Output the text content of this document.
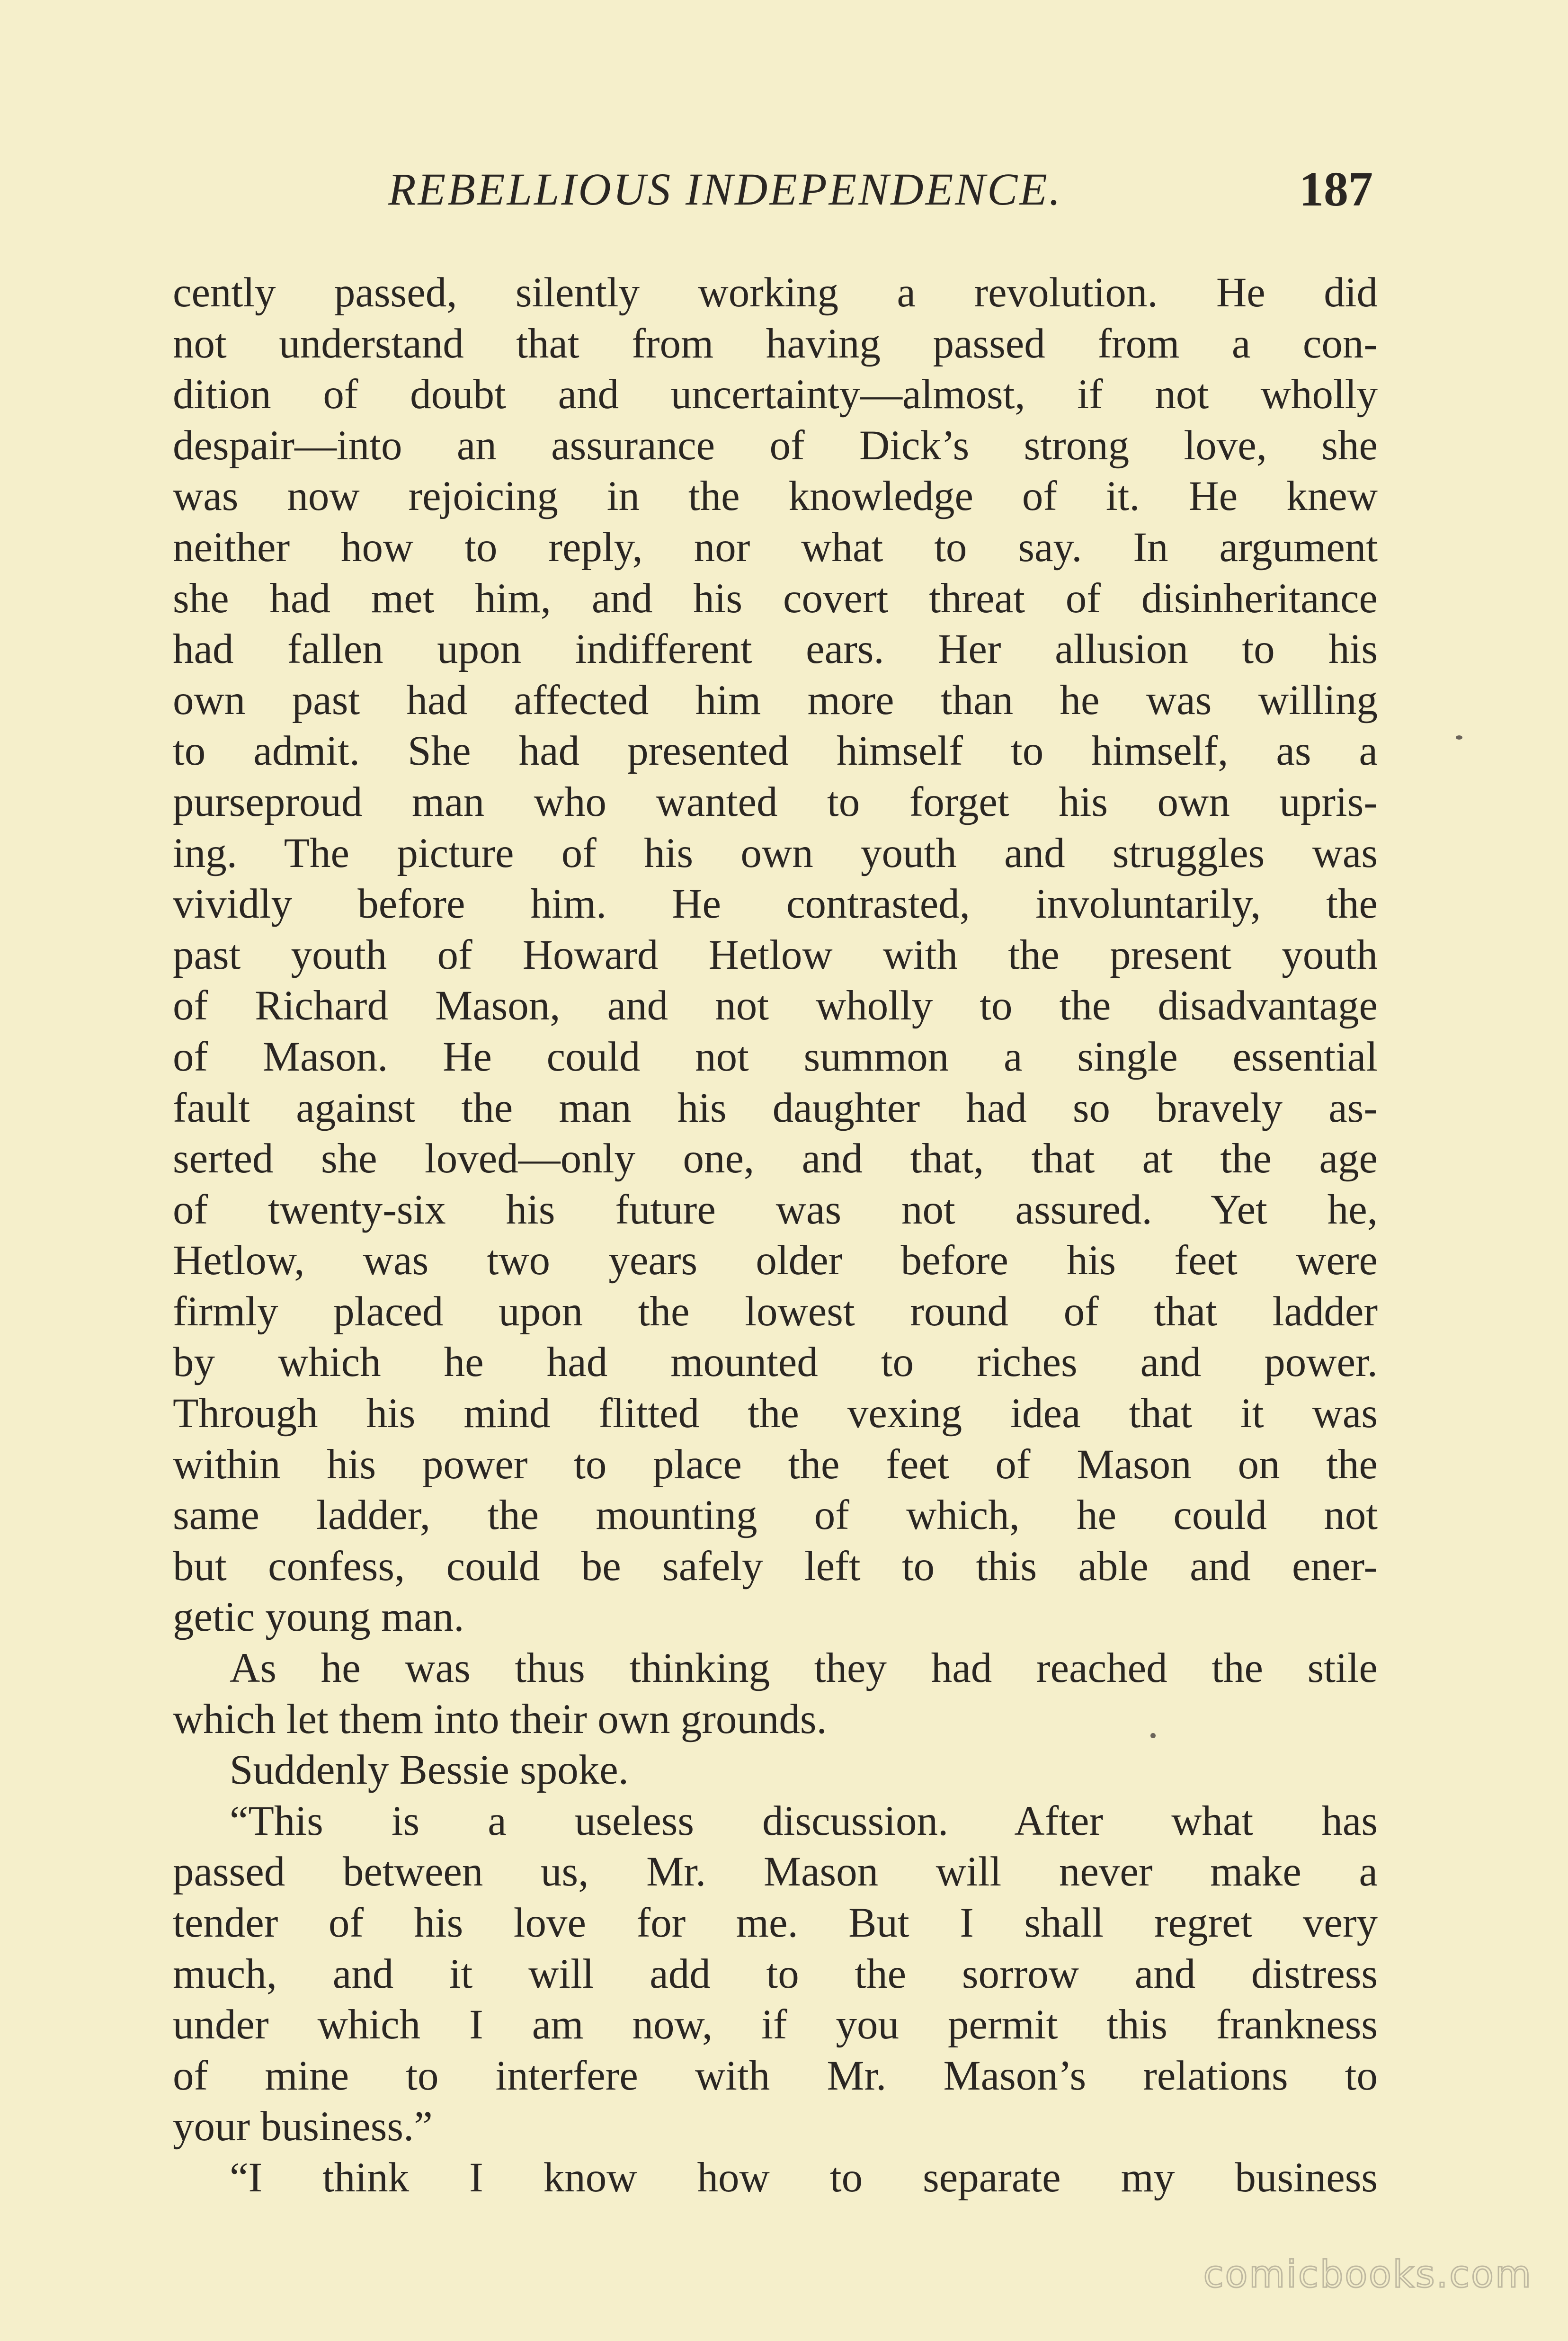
REBELLIOUS INDEPENDENCE.	187
cently passed, silently working a revolution. He did
not understand that from having passed from a con-
dition of doubt and uncertainty—almost, if not wholly
despair—into an assurance of Dick’s strong love, she
was now rejoicing in the knowledge of it. He knew
neither how to reply, nor what to say. In argument
she had met him, and his covert threat of disinheritance
had fallen upon indifferent ears. Her allusion to his
own past had affected him more than he was willing
to admit. She had presented himself to himself, as a
purseproud man who wanted to forget his own upris-
ing. The picture of his own youth and struggles was
vividly before him. He contrasted, involuntarily, the
past youth of Howard Hetlow with the present youth
of Richard Mason, and not wholly to the disadvantage
of Mason. He could not summon a single essential
fault against the man his daughter had so bravely as-
serted she loved—only one, and that, that at the age
of twenty-six his future was not assured. Yet he,
Hetlow, was two years older before his feet were
firmly placed upon the lowest round of that ladder
by which he had mounted to riches and power.
Through his mind flitted the vexing idea that it was
within his power to place the feet of Mason on the
same ladder, the mounting of which, he could not
but confess, could be safely left to this able and ener-
getic young man.
As he was thus thinking they had reached the stile
which let them into their own grounds.
Suddenly Bessie spoke.
“This is a useless discussion. After what has
passed between us, Mr. Mason will never make a
tender of his love for me. But I shall regret very
much, and it will add to the sorrow and distress
under which I am now, if you permit this frankness
of mine to interfere with Mr. Mason’s relations to
your business.”
“I think I know how to separate my business
comicbooks.com
